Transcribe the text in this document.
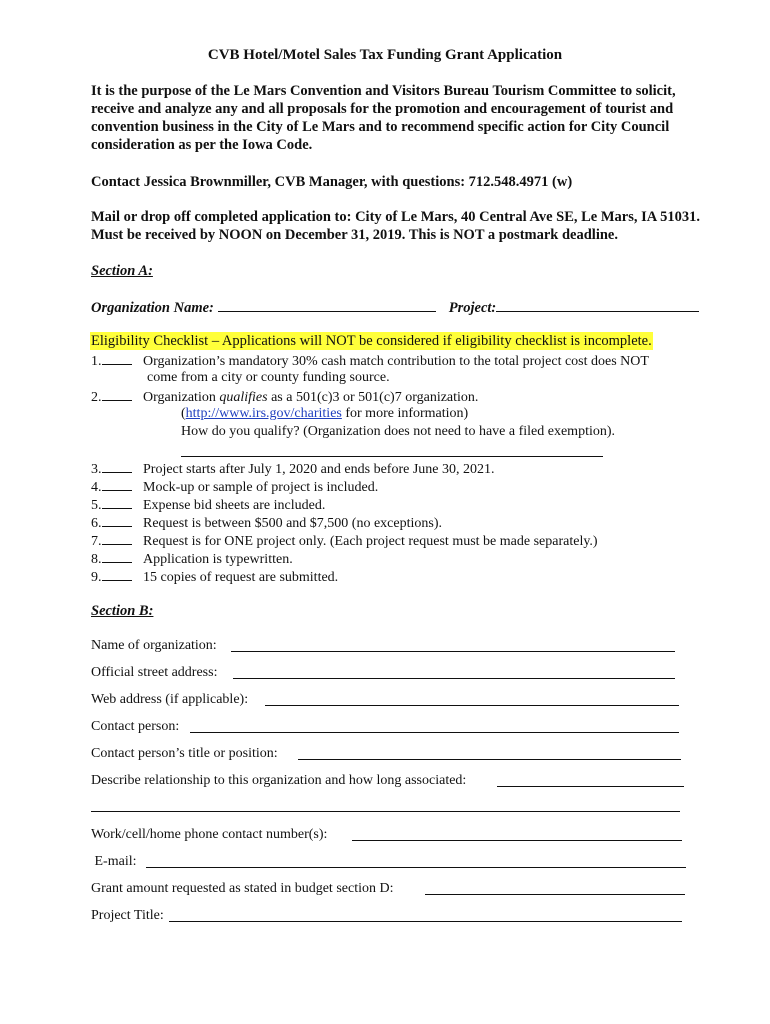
CVB Hotel/Motel Sales Tax Funding Grant Application
It is the purpose of the Le Mars Convention and Visitors Bureau Tourism Committee to solicit, receive and analyze any and all proposals for the promotion and encouragement of tourist and convention business in the City of Le Mars and to recommend specific action for City Council consideration as per the Iowa Code.
Contact Jessica Brownmiller, CVB Manager, with questions: 712.548.4971 (w)
Mail or drop off completed application to: City of Le Mars, 40 Central Ave SE, Le Mars, IA 51031. Must be received by NOON on December 31, 2019. This is NOT a postmark deadline.
Section A:
Organization Name:	Project:
Eligibility Checklist – Applications will NOT be considered if eligibility checklist is incomplete.
1.	Organization’s mandatory 30% cash match contribution to the total project cost does NOT
come from a city or county funding source.
2.	Organization qualifies as a 501(c)3 or 501(c)7 organization.
(http://www.irs.gov/charities for more information)
How do you qualify? (Organization does not need to have a filed exemption).
3.	Project starts after July 1, 2020 and ends before June 30, 2021.
4.	Mock-up or sample of project is included.
5.	Expense bid sheets are included.
6.	Request is between $500 and $7,500 (no exceptions).
7.	Request is for ONE project only. (Each project request must be made separately.)
8.	Application is typewritten.
9.	15 copies of request are submitted.
Section B:
Name of organization:
Official street address:
Web address (if applicable):
Contact person:
Contact person’s title or position:
Describe relationship to this organization and how long associated:
Work/cell/home phone contact number(s):
E-mail:
Grant amount requested as stated in budget section D:
Project Title:
